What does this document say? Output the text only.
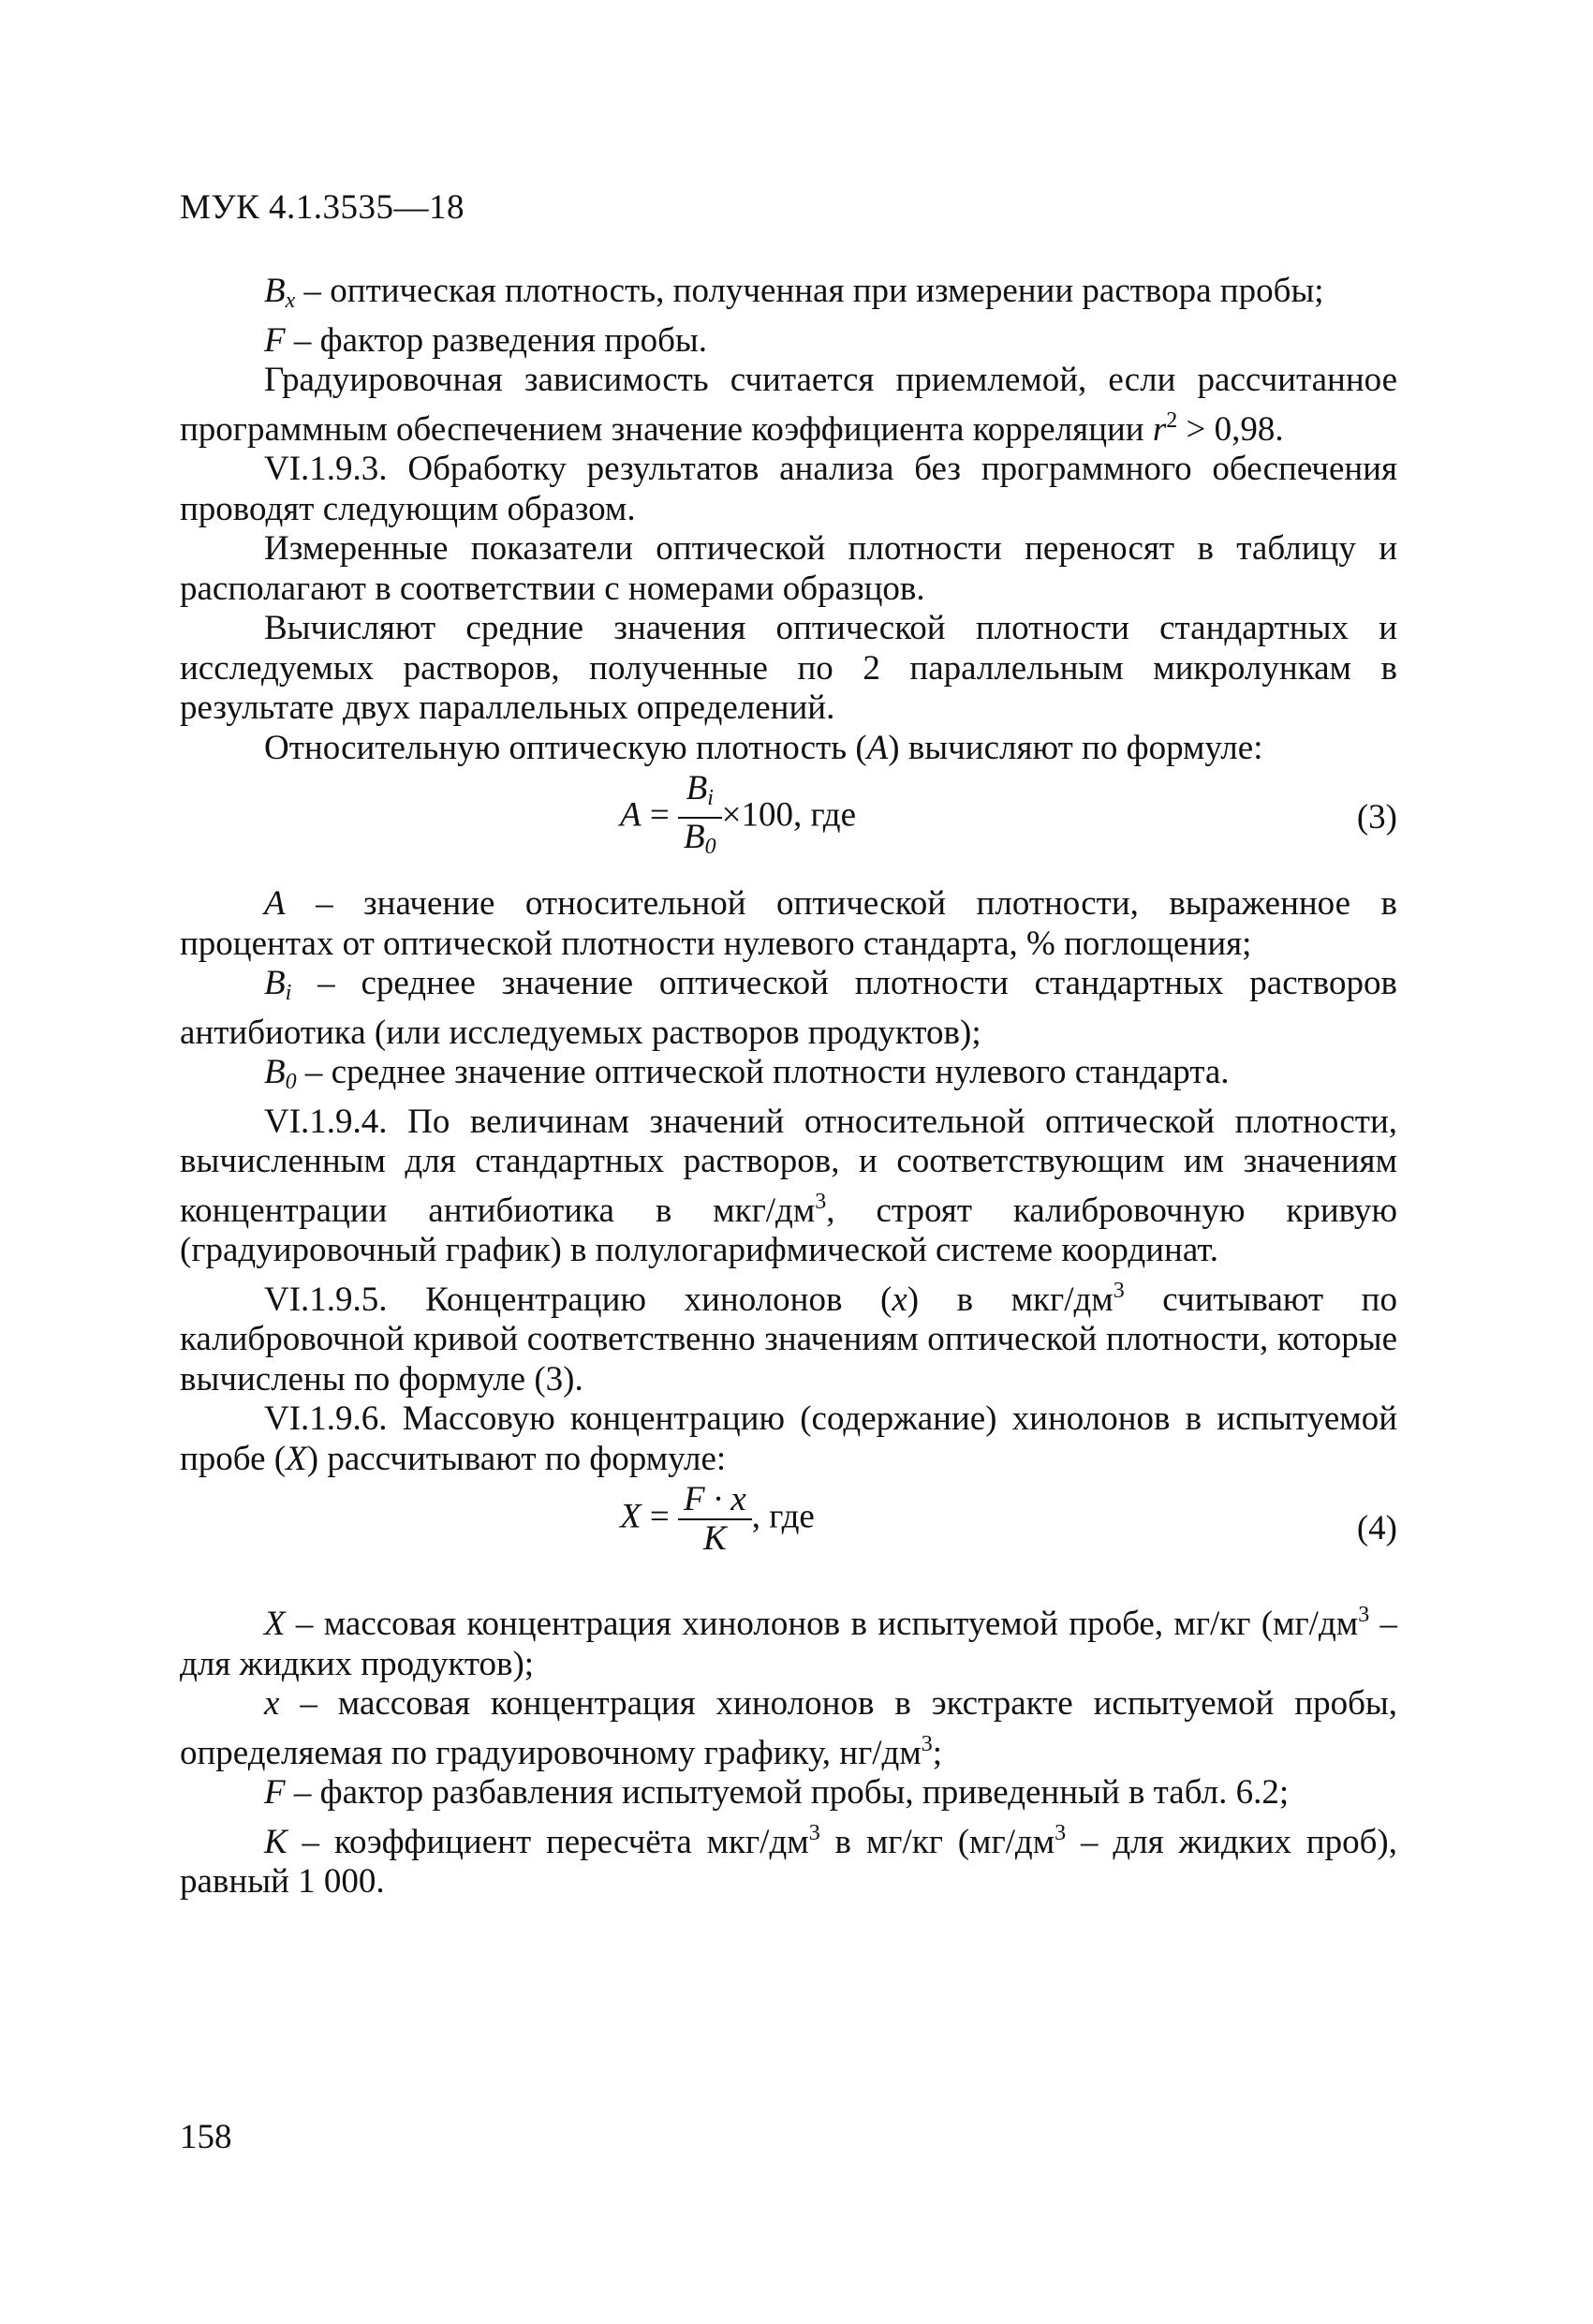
МУК 4.1.3535—18

$B_x$ – оптическая плотность, полученная при измерении раствора пробы;

F – фактор разведения пробы.

Градуировочная зависимость считается приемлемой, если рассчитанное программным обеспечением значение коэффициента корреляции $r^2 > 0,98$.

VI.1.9.3. Обработку результатов анализа без программного обеспечения проводят следующим образом.

Измеренные показатели оптической плотности переносят в таблицу и располагают в соответствии с номерами образцов.

Вычисляют средние значения оптической плотности стандартных и исследуемых растворов, полученные по 2 параллельным микролункам в результате двух параллельных определений.

Относительную оптическую плотность (A) вычисляют по формуле:

$A = \frac{B_i}{B_0} \times 100$, где	(3)

A – значение относительной оптической плотности, выраженное в процентах от оптической плотности нулевого стандарта, % поглощения;

$B_i$ – среднее значение оптической плотности стандартных растворов антибиотика (или исследуемых растворов продуктов);

$B_0$ – среднее значение оптической плотности нулевого стандарта.

VI.1.9.4. По величинам значений относительной оптической плотности, вычисленным для стандартных растворов, и соответствующим им значениям концентрации антибиотика в мкг/$дм^3$, строят калибровочную кривую (градуировочный график) в полулогарифмической системе координат.

VI.1.9.5. Концентрацию хинолонов (x) в мкг/$дм^3$ считывают по калибровочной кривой соответственно значениям оптической плотности, которые вычислены по формуле (3).

VI.1.9.6. Массовую концентрацию (содержание) хинолонов в испытуемой пробе (X) рассчитывают по формуле:

$X = \frac{F \cdot x}{K}$ , где	(4)

X – массовая концентрация хинолонов в испытуемой пробе, мг/кг ($мг/дм^3$ – для жидких продуктов);

x – массовая концентрация хинолонов в экстракте испытуемой пробы, определяемая по градуировочному графику, $нг/дм^3$;

F – фактор разбавления испытуемой пробы, приведенный в табл. 6.2;

K – коэффициент пересчёта мкг/$дм^3$ в мг/кг ($мг/дм^3$ – для жидких проб), равный 1 000.

158
